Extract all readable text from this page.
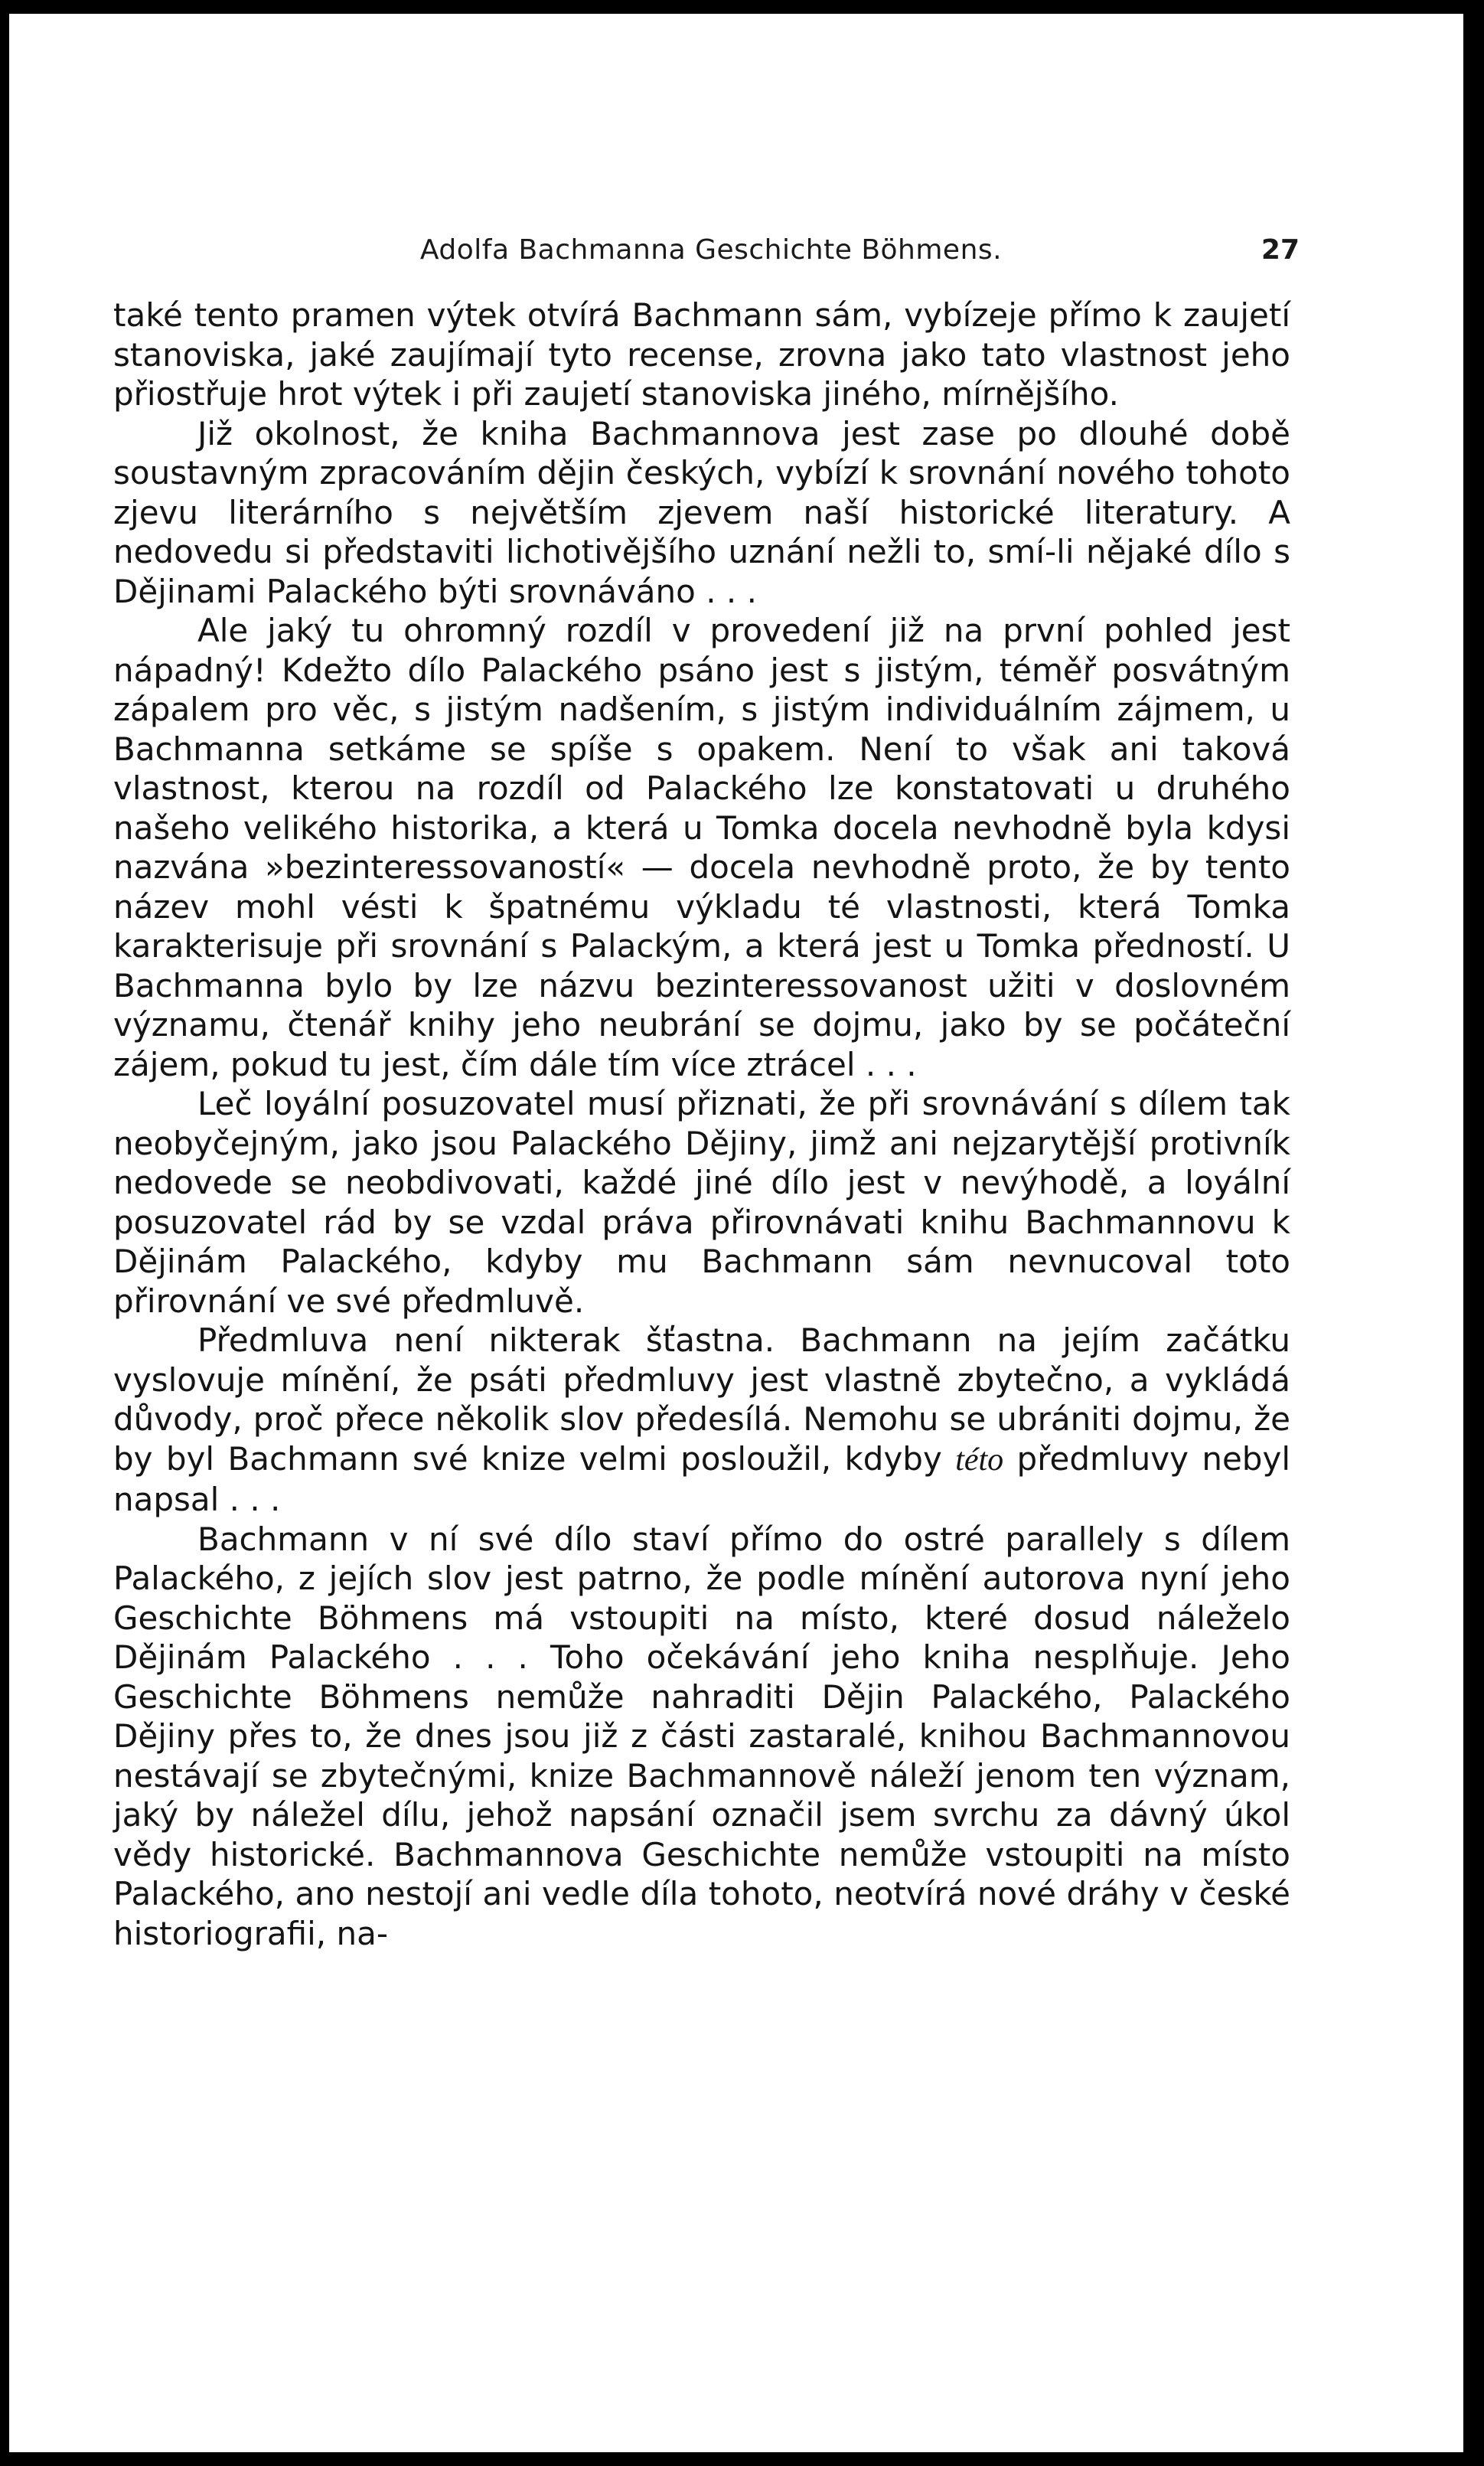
Adolfa Bachmanna Geschichte Böhmens.	27

také tento pramen výtek otvírá Bachmann sám, vybízeje přímo k zaujetí stanoviska, jaké zaujímají tyto recense, zrovna jako tato vlastnost jeho přiostřuje hrot výtek i při zaujetí stanoviska jiného, mírnějšího.

Již okolnost, že kniha Bachmannova jest zase po dlouhé době soustavným zpracováním dějin českých, vybízí k srovnání nového tohoto zjevu literárního s největším zjevem naší historické literatury. A nedovedu si představiti lichotivějšího uznání nežli to, smí-li nějaké dílo s Dějinami Palackého býti srovnáváno . . .

Ale jaký tu ohromný rozdíl v provedení již na první pohled jest nápadný! Kdežto dílo Palackého psáno jest s jistým, téměř posvátným zápalem pro věc, s jistým nadšením, s jistým individuálním zájmem, u Bachmanna setkáme se spíše s opakem. Není to však ani taková vlastnost, kterou na rozdíl od Palackého lze konstatovati u druhého našeho velikého historika, a která u Tomka docela nevhodně byla kdysi nazvána »bezinteressovaností« — docela nevhodně proto, že by tento název mohl vésti k špatnému výkladu té vlastnosti, která Tomka karakterisuje při srovnání s Palackým, a která jest u Tomka předností. U Bachmanna bylo by lze názvu bezinteressovanost užiti v doslovném významu, čtenář knihy jeho neubrání se dojmu, jako by se počáteční zájem, pokud tu jest, čím dále tím více ztrácel . . .

Leč loyální posuzovatel musí přiznati, že při srovnávání s dílem tak neobyčejným, jako jsou Palackého Dějiny, jimž ani nejzarytější protivník nedovede se neobdivovati, každé jiné dílo jest v nevýhodě, a loyální posuzovatel rád by se vzdal práva přirovnávati knihu Bachmannovu k Dějinám Palackého, kdyby mu Bachmann sám nevnucoval toto přirovnání ve své předmluvě.

Předmluva není nikterak šťastna. Bachmann na jejím začátku vyslovuje mínění, že psáti předmluvy jest vlastně zbytečno, a vykládá důvody, proč přece několik slov předesílá. Nemohu se ubrániti dojmu, že by byl Bachmann své knize velmi posloužil, kdyby této předmluvy nebyl napsal . . .

Bachmann v ní své dílo staví přímo do ostré parallely s dílem Palackého, z jejích slov jest patrno, že podle mínění autorova nyní jeho Geschichte Böhmens má vstoupiti na místo, které dosud náleželo Dějinám Palackého . . . Toho očekávání jeho kniha nesplňuje. Jeho Geschichte Böhmens nemůže nahraditi Dějin Palackého, Palackého Dějiny přes to, že dnes jsou již z části zastaralé, knihou Bachmannovou nestávají se zbytečnými, knize Bachmannově náleží jenom ten význam, jaký by náležel dílu, jehož napsání označil jsem svrchu za dávný úkol vědy historické. Bachmannova Geschichte nemůže vstoupiti na místo Palackého, ano nestojí ani vedle díla tohoto, neotvírá nové dráhy v české historiografii, na-
